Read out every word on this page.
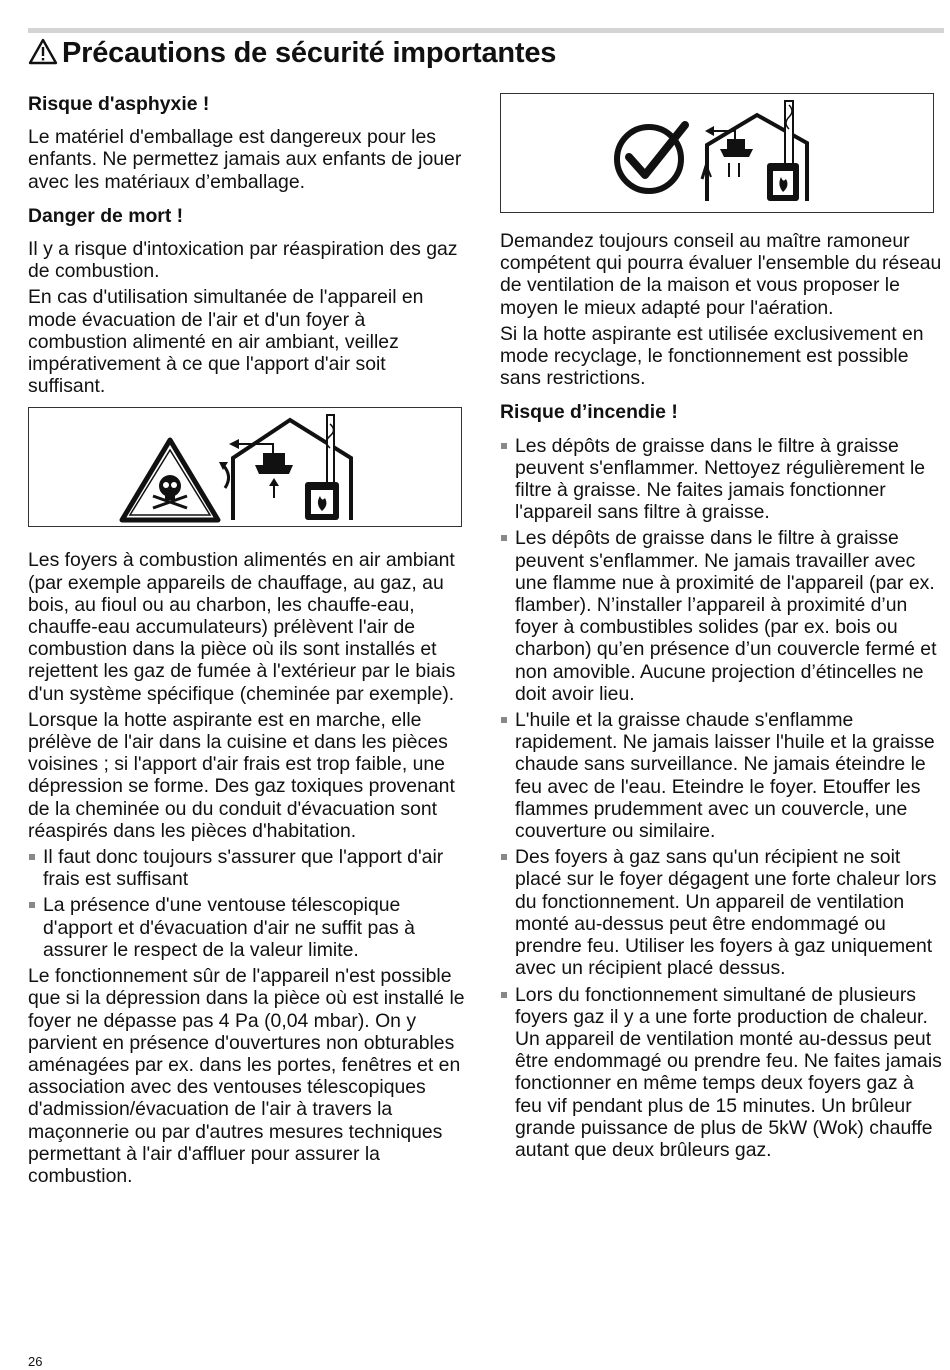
Précautions de sécurité importantes
Risque d'asphyxie !

Le matériel d'emballage est dangereux pour les enfants. Ne permettez jamais aux enfants de jouer avec les matériaux d’emballage.

Danger de mort !

Il y a risque d'intoxication par réaspiration des gaz de combustion.

En cas d'utilisation simultanée de l'appareil en mode évacuation de l'air et d'un foyer à combustion alimenté en air ambiant, veillez impérativement à ce que l'apport d'air soit suffisant.

Les foyers à combustion alimentés en air ambiant (par exemple appareils de chauffage, au gaz, au bois, au fioul ou au charbon, les chauffe-eau, chauffe-eau accumulateurs) prélèvent l'air de combustion dans la pièce où ils sont installés et rejettent les gaz de fumée à l'extérieur par le biais d'un système spécifique (cheminée par exemple).

Lorsque la hotte aspirante est en marche, elle prélève de l'air dans la cuisine et dans les pièces voisines ; si l'apport d'air frais est trop faible, une dépression se forme. Des gaz toxiques provenant de la cheminée ou du conduit d'évacuation sont réaspirés dans les pièces d'habitation.

Il faut donc toujours s'assurer que l'apport d'air frais est suffisant
La présence d'une ventouse télescopique d'apport et d'évacuation d'air ne suffit pas à assurer le respect de la valeur limite.

Le fonctionnement sûr de l'appareil n'est possible que si la dépression dans la pièce où est installé le foyer ne dépasse pas 4 Pa (0,04 mbar). On y parvient en présence d'ouvertures non obturables aménagées par ex. dans les portes, fenêtres et en association avec des ventouses télescopiques d'admission/évacuation de l'air à travers la maçonnerie ou par d'autres mesures techniques permettant à l'air d'affluer pour assurer la combustion.

Demandez toujours conseil au maître ramoneur compétent qui pourra évaluer l'ensemble du réseau de ventilation de la maison et vous proposer le moyen le mieux adapté pour l'aération.

Si la hotte aspirante est utilisée exclusivement en mode recyclage, le fonctionnement est possible sans restrictions.

Risque d’incendie !
Les dépôts de graisse dans le filtre à graisse peuvent s'enflammer. Nettoyez régulièrement le filtre à graisse. Ne faites jamais fonctionner l'appareil sans filtre à graisse.
Les dépôts de graisse dans le filtre à graisse peuvent s'enflammer. Ne jamais travailler avec une flamme nue à proximité de l'appareil (par ex. flamber). N’installer l’appareil à proximité d’un foyer à combustibles solides (par ex. bois ou charbon) qu’en présence d’un couvercle fermé et non amovible. Aucune projection d’étincelles ne doit avoir lieu.
L'huile et la graisse chaude s'enflamme rapidement. Ne jamais laisser l'huile et la graisse chaude sans surveillance. Ne jamais éteindre le feu avec de l'eau. Eteindre le foyer. Etouffer les flammes prudemment avec un couvercle, une couverture ou similaire.
Des foyers à gaz sans qu'un récipient ne soit placé sur le foyer dégagent une forte chaleur lors du fonctionnement. Un appareil de ventilation monté au-dessus peut être endommagé ou prendre feu. Utiliser les foyers à gaz uniquement avec un récipient placé dessus.
Lors du fonctionnement simultané de plusieurs foyers gaz il y a une forte production de chaleur. Un appareil de ventilation monté au-dessus peut être endommagé ou prendre feu. Ne faites jamais fonctionner en même temps deux foyers gaz à feu vif pendant plus de 15 minutes. Un brûleur grande puissance de plus de 5kW (Wok) chauffe autant que deux brûleurs gaz.
26
